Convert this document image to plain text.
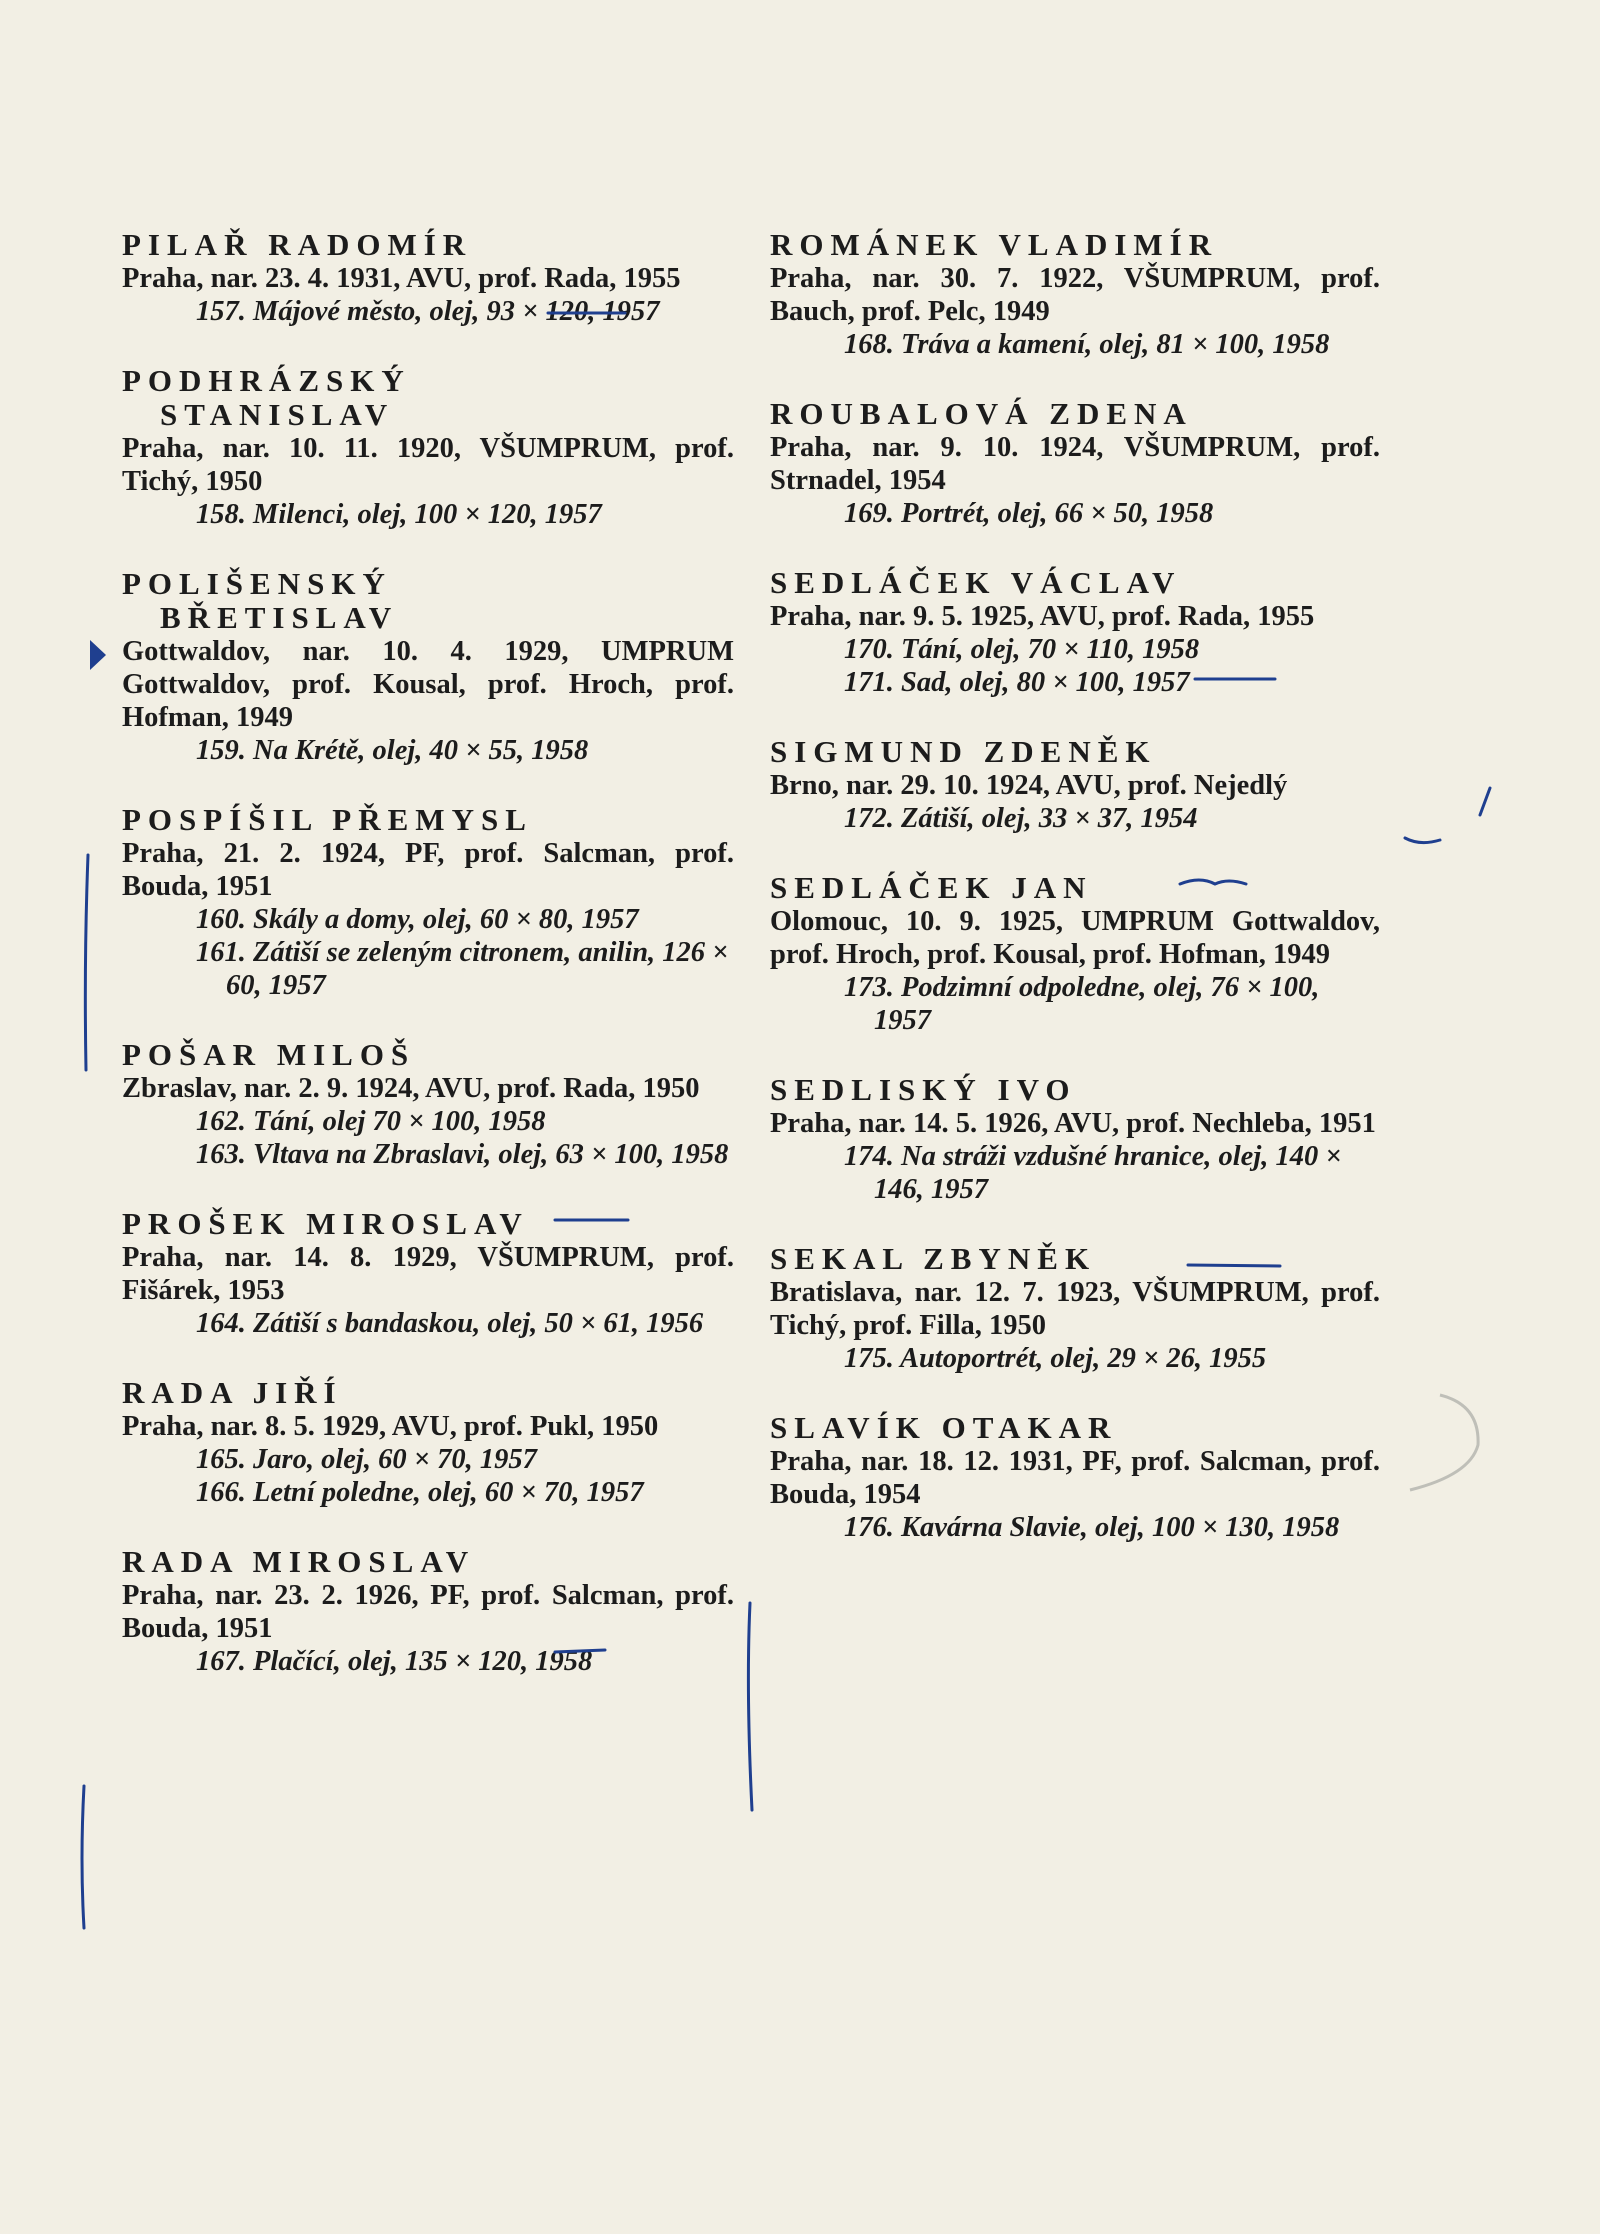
PILAŘ RADOMÍR
Praha, nar. 23. 4. 1931, AVU, prof. Rada, 1955
157. Májové město, olej, 93 × 120, 1957
PODHRÁZSKÝ
STANISLAV
Praha, nar. 10. 11. 1920, VŠUMPRUM, prof. Tichý, 1950
158. Milenci, olej, 100 × 120, 1957
POLIŠENSKÝ
BŘETISLAV
Gottwaldov, nar. 10. 4. 1929, UMPRUM Gottwaldov, prof. Kousal, prof. Hroch, prof. Hofman, 1949
159. Na Krétě, olej, 40 × 55, 1958
POSPÍŠIL PŘEMYSL
Praha, 21. 2. 1924, PF, prof. Salcman, prof. Bouda, 1951
160. Skály a domy, olej, 60 × 80, 1957
161. Zátiší se zeleným citronem, anilin, 126 × 60, 1957
POŠAR MILOŠ
Zbraslav, nar. 2. 9. 1924, AVU, prof. Rada, 1950
162. Tání, olej 70 × 100, 1958
163. Vltava na Zbraslavi, olej, 63 × 100, 1958
PROŠEK MIROSLAV
Praha, nar. 14. 8. 1929, VŠUMPRUM, prof. Fišárek, 1953
164. Zátiší s bandaskou, olej, 50 × 61, 1956
RADA JIŘÍ
Praha, nar. 8. 5. 1929, AVU, prof. Pukl, 1950
165. Jaro, olej, 60 × 70, 1957
166. Letní poledne, olej, 60 × 70, 1957
RADA MIROSLAV
Praha, nar. 23. 2. 1926, PF, prof. Salcman, prof. Bouda, 1951
167. Plačící, olej, 135 × 120, 1958
ROMÁNEK VLADIMÍR
Praha, nar. 30. 7. 1922, VŠUMPRUM, prof. Bauch, prof. Pelc, 1949
168. Tráva a kamení, olej, 81 × 100, 1958
ROUBALOVÁ ZDENA
Praha, nar. 9. 10. 1924, VŠUMPRUM, prof. Strnadel, 1954
169. Portrét, olej, 66 × 50, 1958
SEDLÁČEK VÁCLAV
Praha, nar. 9. 5. 1925, AVU, prof. Rada, 1955
170. Tání, olej, 70 × 110, 1958
171. Sad, olej, 80 × 100, 1957
SIGMUND ZDENĚK
Brno, nar. 29. 10. 1924, AVU, prof. Nejedlý
172. Zátiší, olej, 33 × 37, 1954
SEDLÁČEK JAN
Olomouc, 10. 9. 1925, UMPRUM Gottwaldov, prof. Hroch, prof. Kousal, prof. Hofman, 1949
173. Podzimní odpoledne, olej, 76 × 100, 1957
SEDLISKÝ IVO
Praha, nar. 14. 5. 1926, AVU, prof. Nechleba, 1951
174. Na stráži vzdušné hranice, olej, 140 × 146, 1957
SEKAL ZBYNĚK
Bratislava, nar. 12. 7. 1923, VŠUMPRUM, prof. Tichý, prof. Filla, 1950
175. Autoportrét, olej, 29 × 26, 1955
SLAVÍK OTAKAR
Praha, nar. 18. 12. 1931, PF, prof. Salcman, prof. Bouda, 1954
176. Kavárna Slavie, olej, 100 × 130, 1958
